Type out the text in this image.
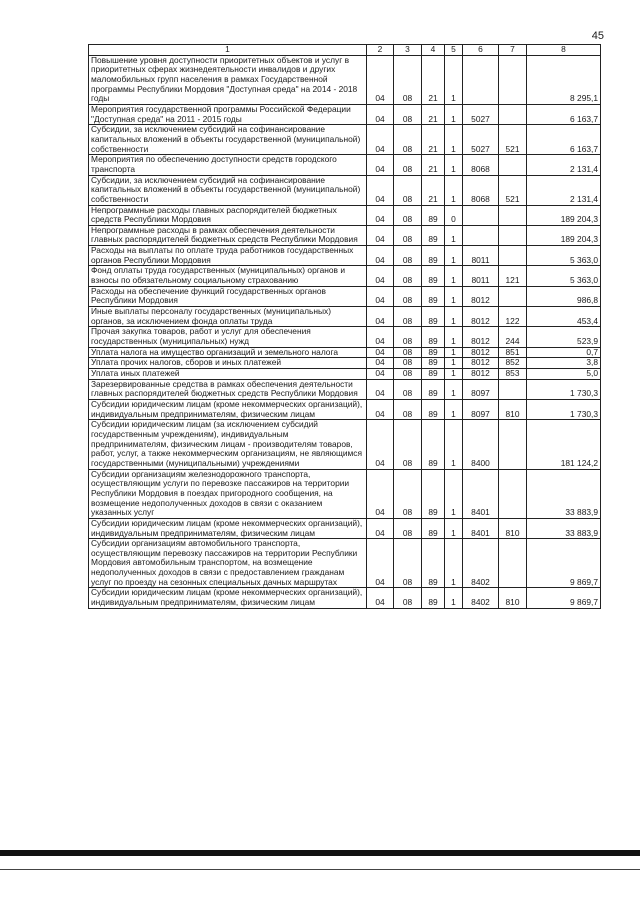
45
1	2	3	4	5	6	7	8
Повышение уровня доступности приоритетных объектов и услуг в приоритетных сферах жизнедеятельности инвалидов и других маломобильных групп населения в рамках Государственной программы Республики Мордовия "Доступная среда" на 2014 - 2018 годы	04	08	21	1			8 295,1
Мероприятия государственной программы Российской Федерации "Доступная среда" на 2011 - 2015 годы	04	08	21	1	5027		6 163,7
Субсидии, за исключением субсидий на софинансирование капитальных вложений в объекты государственной (муниципальной) собственности	04	08	21	1	5027	521	6 163,7
Мероприятия по обеспечению доступности средств городского транспорта	04	08	21	1	8068		2 131,4
Субсидии, за исключением субсидий на софинансирование капитальных вложений в объекты государственной (муниципальной) собственности	04	08	21	1	8068	521	2 131,4
Непрограммные расходы главных распорядителей бюджетных средств Республики Мордовия	04	08	89	0			189 204,3
Непрограммные расходы в рамках обеспечения деятельности главных распорядителей бюджетных средств Республики Мордовия	04	08	89	1			189 204,3
Расходы на выплаты по оплате труда работников государственных органов Республики Мордовия	04	08	89	1	8011		5 363,0
Фонд оплаты труда государственных (муниципальных) органов и взносы по обязательному социальному страхованию	04	08	89	1	8011	121	5 363,0
Расходы на обеспечение функций государственных органов Республики Мордовия	04	08	89	1	8012		986,8
Иные выплаты персоналу государственных (муниципальных) органов, за исключением фонда оплаты труда	04	08	89	1	8012	122	453,4
Прочая закупка товаров, работ и услуг для обеспечения государственных (муниципальных) нужд	04	08	89	1	8012	244	523,9
Уплата налога на имущество организаций и земельного налога	04	08	89	1	8012	851	0,7
Уплата прочих налогов, сборов и иных платежей	04	08	89	1	8012	852	3,8
Уплата иных платежей	04	08	89	1	8012	853	5,0
Зарезервированные средства в рамках обеспечения деятельности главных распорядителей бюджетных средств Республики Мордовия	04	08	89	1	8097		1 730,3
Субсидии юридическим лицам (кроме некоммерческих организаций), индивидуальным предпринимателям, физическим лицам	04	08	89	1	8097	810	1 730,3
Субсидии юридическим лицам (за исключением субсидий государственным учреждениям), индивидуальным предпринимателям, физическим лицам - производителям товаров, работ, услуг, а также некоммерческим организациям, не являющимся государственными (муниципальными) учреждениями	04	08	89	1	8400		181 124,2
Субсидии организациям железнодорожного транспорта, осуществляющим услуги по перевозке пассажиров на территории Республики Мордовия в поездах пригородного сообщения, на возмещение недополученных доходов в связи с оказанием указанных услуг	04	08	89	1	8401		33 883,9
Субсидии юридическим лицам (кроме некоммерческих организаций), индивидуальным предпринимателям, физическим лицам	04	08	89	1	8401	810	33 883,9
Субсидии организациям автомобильного транспорта, осуществляющим перевозку пассажиров на территории Республики Мордовия автомобильным транспортом, на возмещение недополученных доходов в связи с предоставлением гражданам услуг по проезду на сезонных специальных дачных маршрутах	04	08	89	1	8402		9 869,7
Субсидии юридическим лицам (кроме некоммерческих организаций), индивидуальным предпринимателям, физическим лицам	04	08	89	1	8402	810	9 869,7
